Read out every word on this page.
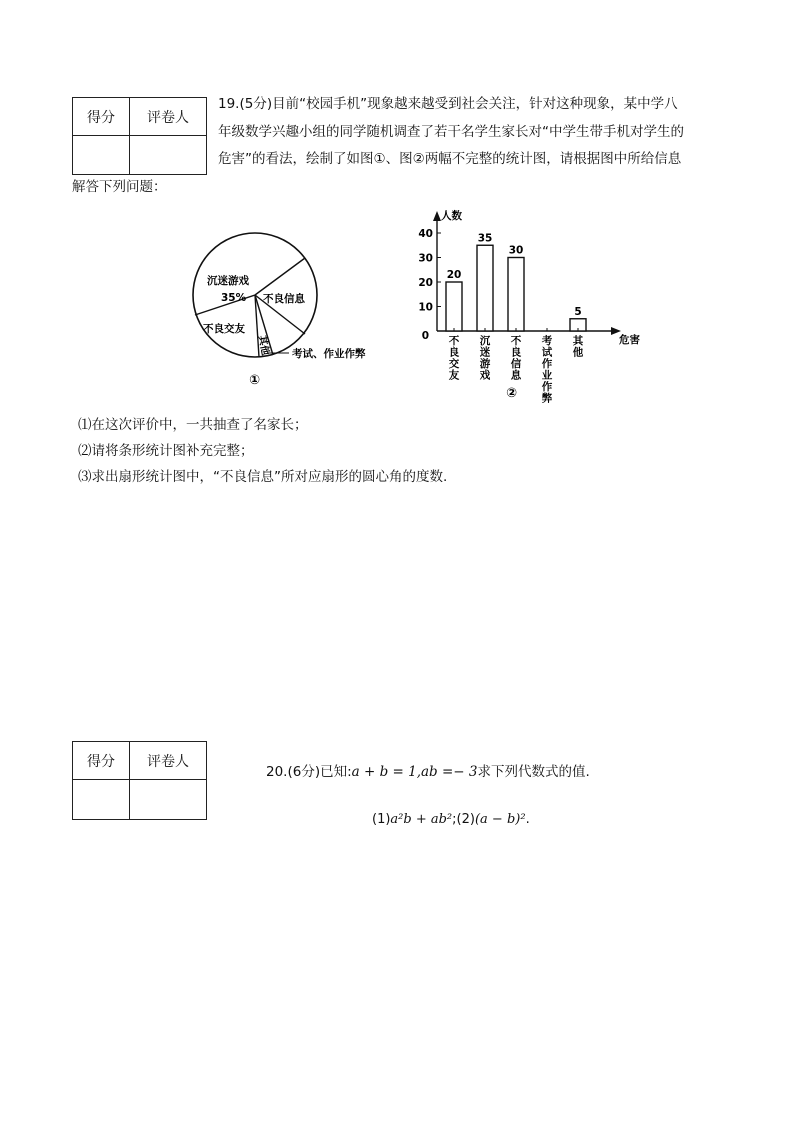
得分	评卷人

19.(5分)目前“校园手机”现象越来越受到社会关注，针对这种现象，某中学八
年级数学兴趣小组的同学随机调查了若干名学生家长对“中学生带手机对学生的
危害”的看法，绘制了如图①、图②两幅不完整的统计图，请根据图中所给信息
解答下列问题：
沉迷游戏
35% 不良信息
不良交友
其他 考试、作业作弊
①
人数
危害
0
10
20
30
40
20
35
30
5
不良交友
沉迷游戏
不良信息
考试作业作弊
其他
②
⑴在这次评价中，一共抽查了名家长；
⑵请将条形统计图补充完整；
⑶求出扇形统计图中，“不良信息”所对应扇形的圆心角的度数.
得分	评卷人

20.(6分)已知:a + b = 1,ab =− 3求下列代数式的值.
(1)a²b + ab²;(2)(a − b)².
